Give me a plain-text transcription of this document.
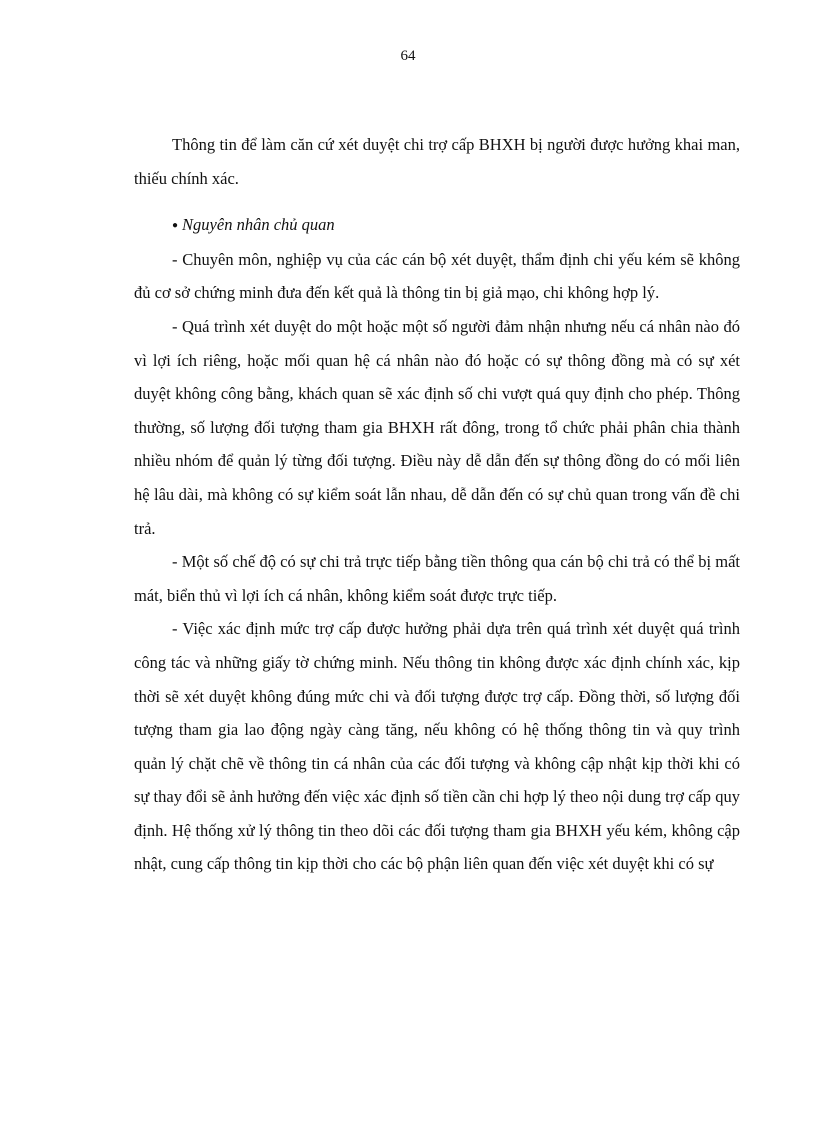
64

Thông tin để làm căn cứ xét duyệt chi trợ cấp BHXH bị người được hưởng khai man, thiếu chính xác.

● Nguyên nhân chủ quan

- Chuyên môn, nghiệp vụ của các cán bộ xét duyệt, thẩm định chi yếu kém sẽ không đủ cơ sở chứng minh đưa đến kết quả là thông tin bị giả mạo, chi không hợp lý.

- Quá trình xét duyệt do một hoặc một số người đảm nhận nhưng nếu cá nhân nào đó vì lợi ích riêng, hoặc mối quan hệ cá nhân nào đó hoặc có sự thông đồng mà có sự xét duyệt không công bằng, khách quan sẽ xác định số chi vượt quá quy định cho phép. Thông thường, số lượng đối tượng tham gia BHXH rất đông, trong tổ chức phải phân chia thành nhiều nhóm để quản lý từng đối tượng. Điều này dễ dẫn đến sự thông đồng do có mối liên hệ lâu dài, mà không có sự kiểm soát lẫn nhau, dễ dẫn đến có sự chủ quan trong vấn đề chi trả.

- Một số chế độ có sự chi trả trực tiếp bằng tiền thông qua cán bộ chi trả có thể bị mất mát, biển thủ vì lợi ích cá nhân, không kiểm soát được trực tiếp.

- Việc xác định mức trợ cấp được hưởng phải dựa trên quá trình xét duyệt quá trình công tác và những giấy tờ chứng minh. Nếu thông tin không được xác định chính xác, kịp thời sẽ xét duyệt không đúng mức chi và đối tượng được trợ cấp. Đồng thời, số lượng đối tượng tham gia lao động ngày càng tăng, nếu không có hệ thống thông tin và quy trình quản lý chặt chẽ về thông tin cá nhân của các đối tượng và không cập nhật kịp thời khi có sự thay đổi sẽ ảnh hưởng đến việc xác định số tiền cần chi hợp lý theo nội dung trợ cấp quy định. Hệ thống xử lý thông tin theo dõi các đối tượng tham gia BHXH yếu kém, không cập nhật, cung cấp thông tin kịp thời cho các bộ phận liên quan đến việc xét duyệt khi có sự
